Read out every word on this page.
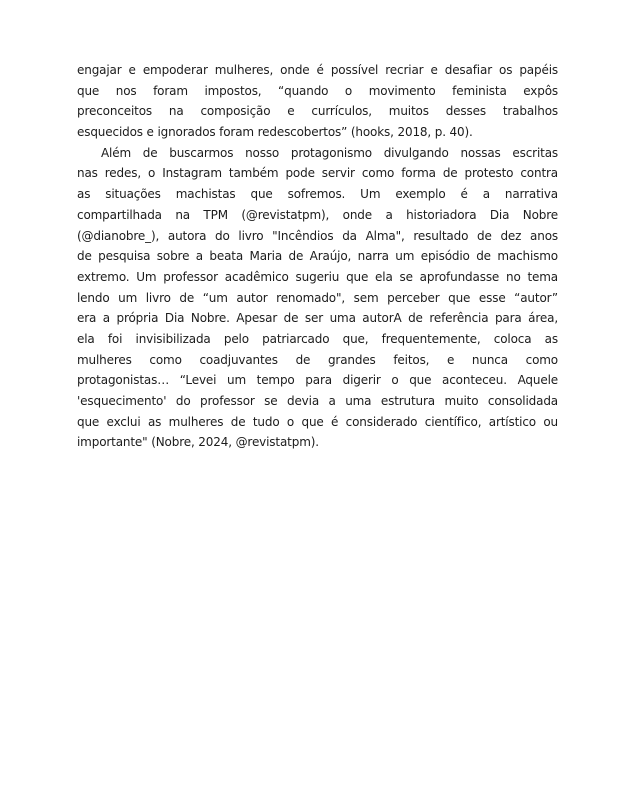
engajar e empoderar mulheres, onde é possível recriar e desafiar os papéis
que nos foram impostos, “quando o movimento feminista expôs
preconceitos na composição e currículos, muitos desses trabalhos
esquecidos e ignorados foram redescobertos” (hooks, 2018, p. 40).
Além de buscarmos nosso protagonismo divulgando nossas escritas
nas redes, o Instagram também pode servir como forma de protesto contra
as situações machistas que sofremos. Um exemplo é a narrativa
compartilhada na TPM (@revistatpm), onde a historiadora Dia Nobre
(@dianobre_), autora do livro "Incêndios da Alma", resultado de dez anos
de pesquisa sobre a beata Maria de Araújo, narra um episódio de machismo
extremo. Um professor acadêmico sugeriu que ela se aprofundasse no tema
lendo um livro de “um autor renomado", sem perceber que esse “autor”
era a própria Dia Nobre. Apesar de ser uma autorA de referência para área,
ela foi invisibilizada pelo patriarcado que, frequentemente, coloca as
mulheres como coadjuvantes de grandes feitos, e nunca como
protagonistas… “Levei um tempo para digerir o que aconteceu. Aquele
'esquecimento' do professor se devia a uma estrutura muito consolidada
que exclui as mulheres de tudo o que é considerado científico, artístico ou
importante" (Nobre, 2024, @revistatpm).
